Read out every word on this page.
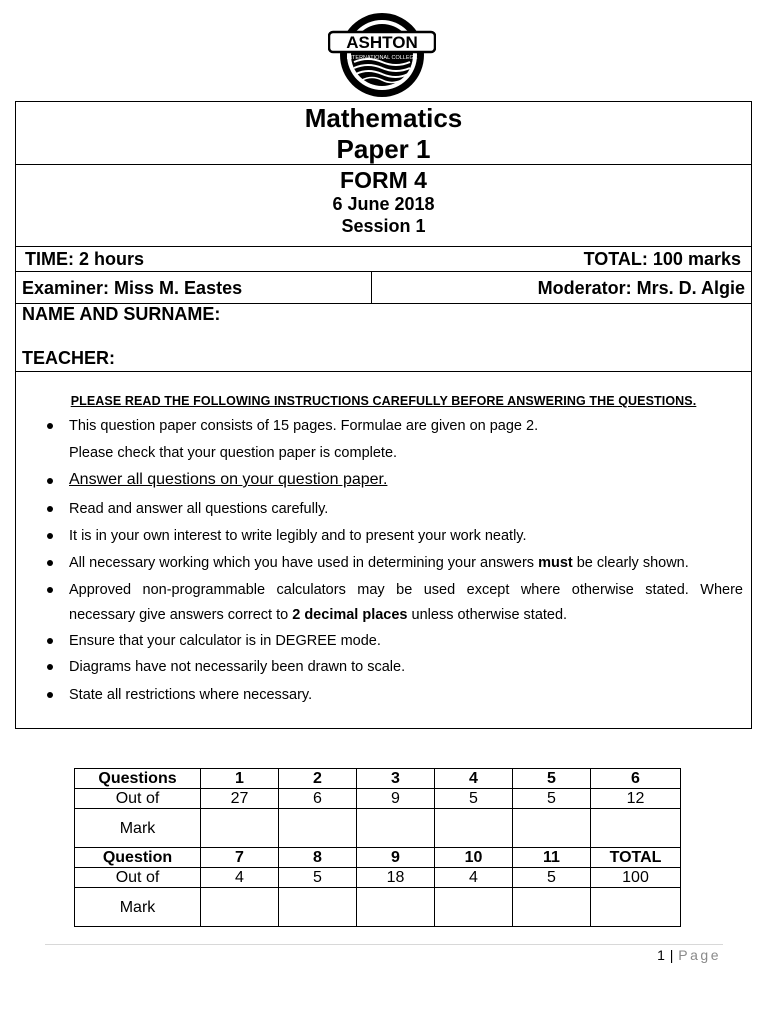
ASHTON
INTERNATIONAL COLLEGE
Mathematics
Paper 1
FORM 4
6 June 2018
Session 1
TIME: 2 hours	TOTAL: 100 marks
Examiner: Miss M. Eastes	Moderator: Mrs. D. Algie
NAME AND SURNAME:
TEACHER:
PLEASE READ THE FOLLOWING INSTRUCTIONS CAREFULLY BEFORE ANSWERING THE QUESTIONS.
This question paper consists of 15 pages. Formulae are given on page 2.
Please check that your question paper is complete.
Answer all questions on your question paper.
Read and answer all questions carefully.
It is in your own interest to write legibly and to present your work neatly.
All necessary working which you have used in determining your answers must be clearly shown.
Approved non-programmable calculators may be used except where otherwise stated. Where
necessary give answers correct to 2 decimal places unless otherwise stated.
Ensure that your calculator is in DEGREE mode.
Diagrams have not necessarily been drawn to scale.
State all restrictions where necessary.
Questions	1	2	3	4	5	6
Out of	27	6	9	5	5	12
Mark						
Question	7	8	9	10	11	TOTAL
Out of	4	5	18	4	5	100
Mark						
1 | Page
